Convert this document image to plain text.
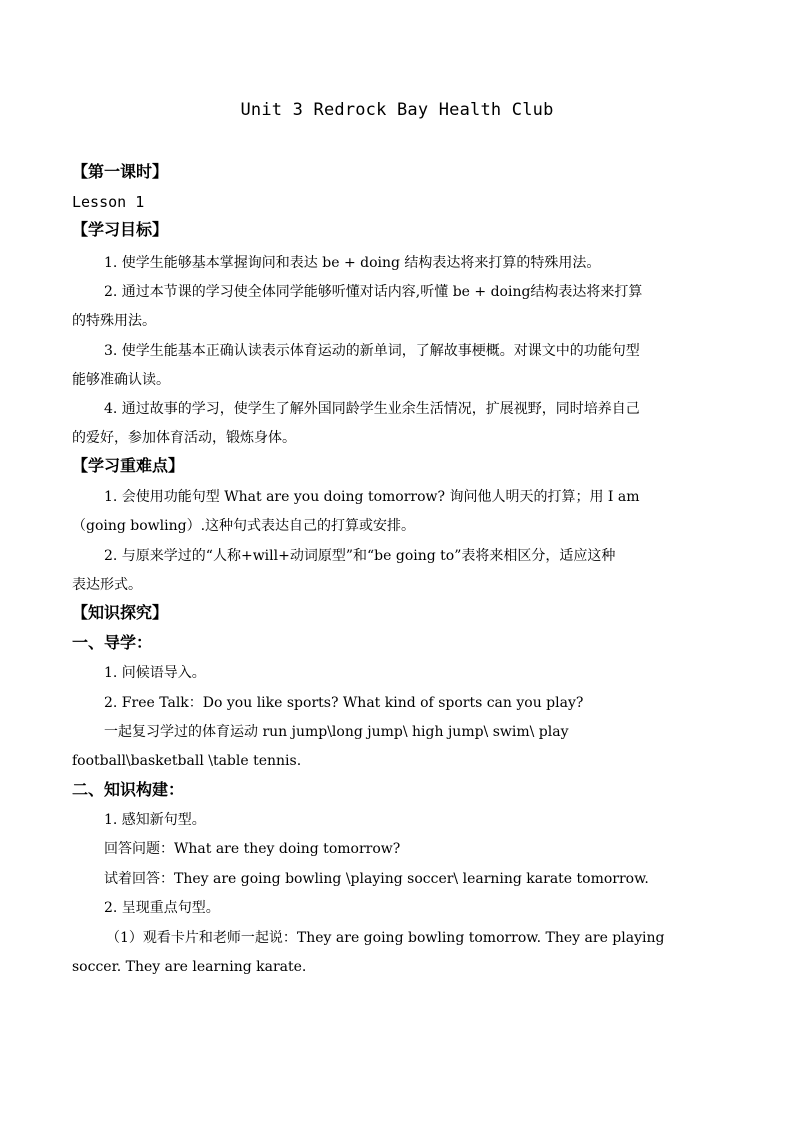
Unit 3 Redrock Bay Health Club
【第一课时】
Lesson 1
【学习目标】
1. 使学生能够基本掌握询问和表达 be + doing 结构表达将来打算的特殊用法。
2. 通过本节课的学习使全体同学能够听懂对话内容,听懂 be + doing结构表达将来打算
的特殊用法。
3. 使学生能基本正确认读表示体育运动的新单词，了解故事梗概。对课文中的功能句型
能够准确认读。
4. 通过故事的学习，使学生了解外国同龄学生业余生活情况，扩展视野，同时培养自己
的爱好，参加体育活动，锻炼身体。
【学习重难点】
1. 会使用功能句型 What are you doing tomorrow? 询问他人明天的打算；用 I am
（going bowling）.这种句式表达自己的打算或安排。
2. 与原来学过的“人称+will+动词原型”和“be going to”表将来相区分，适应这种
表达形式。
【知识探究】
一、导学：
1. 问候语导入。
2. Free Talk：Do you like sports? What kind of sports can you play?
一起复习学过的体育运动 run jump\long jump\ high jump\ swim\ play
football\basketball \table tennis.
二、知识构建：
1. 感知新句型。
回答问题：What are they doing tomorrow?
试着回答：They are going bowling \playing soccer\ learning karate tomorrow.
2. 呈现重点句型。
（1）观看卡片和老师一起说：They are going bowling tomorrow. They are playing
soccer. They are learning karate.
